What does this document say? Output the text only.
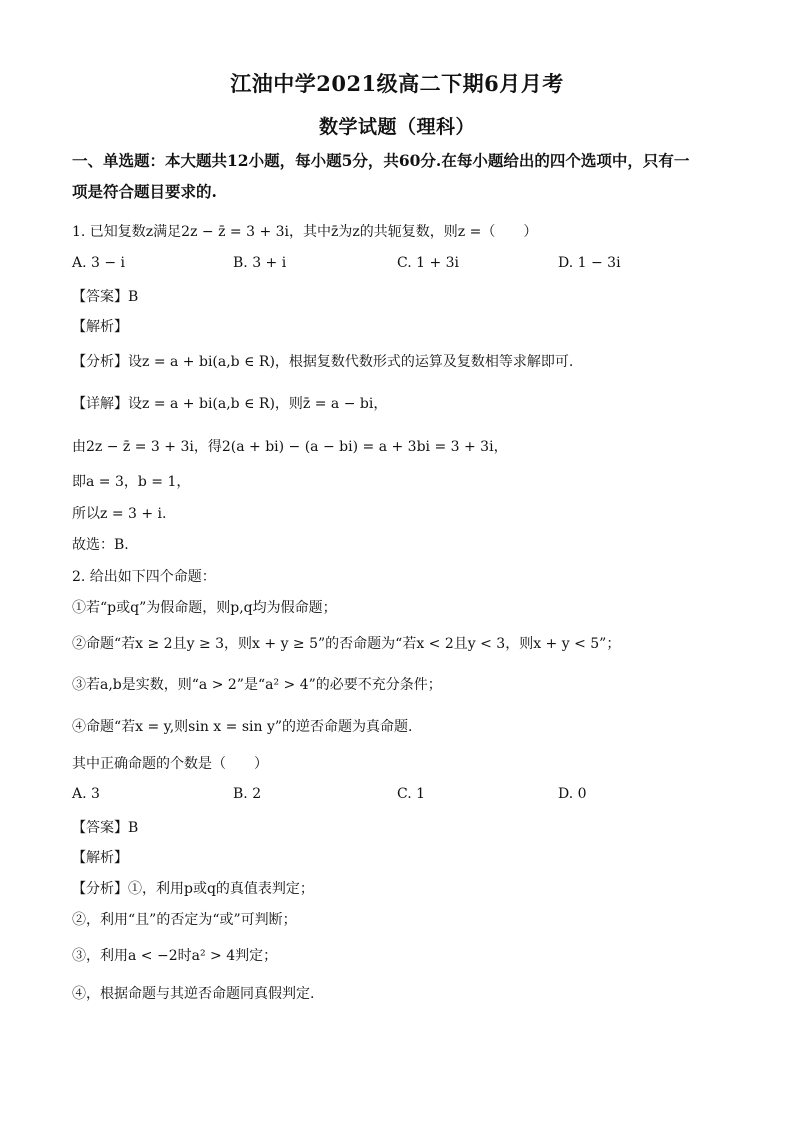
江油中学2021级高二下期6月月考
数学试题（理科）
一、单选题：本大题共12小题，每小题5分，共60分.在每小题给出的四个选项中，只有一
项是符合题目要求的.
1. 已知复数z满足2z − z̄ = 3 + 3i，其中z̄为z的共轭复数，则z =（　　）
A. 3 − i	B. 3 + i	C. 1 + 3i	D. 1 − 3i
【答案】B
【解析】
【分析】设z = a + bi(a,b ∈ R)，根据复数代数形式的运算及复数相等求解即可.
【详解】设z = a + bi(a,b ∈ R)，则z̄ = a − bi，
由2z − z̄ = 3 + 3i，得2(a + bi) − (a − bi) = a + 3bi = 3 + 3i，
即a = 3，b = 1，
所以z = 3 + i.
故选：B.
2. 给出如下四个命题：
①若“p或q”为假命题，则p,q均为假命题；
②命题“若x ≥ 2且y ≥ 3，则x + y ≥ 5”的否命题为“若x < 2且y < 3，则x + y < 5”；
③若a,b是实数，则“a > 2”是“a² > 4”的必要不充分条件；
④命题“若x = y,则sin x = sin y”的逆否命题为真命题.
其中正确命题的个数是（　　）
A. 3	B. 2	C. 1	D. 0
【答案】B
【解析】
【分析】①，利用p或q的真值表判定；
②，利用“且”的否定为“或”可判断；
③，利用a < −2时a² > 4判定；
④，根据命题与其逆否命题同真假判定.
